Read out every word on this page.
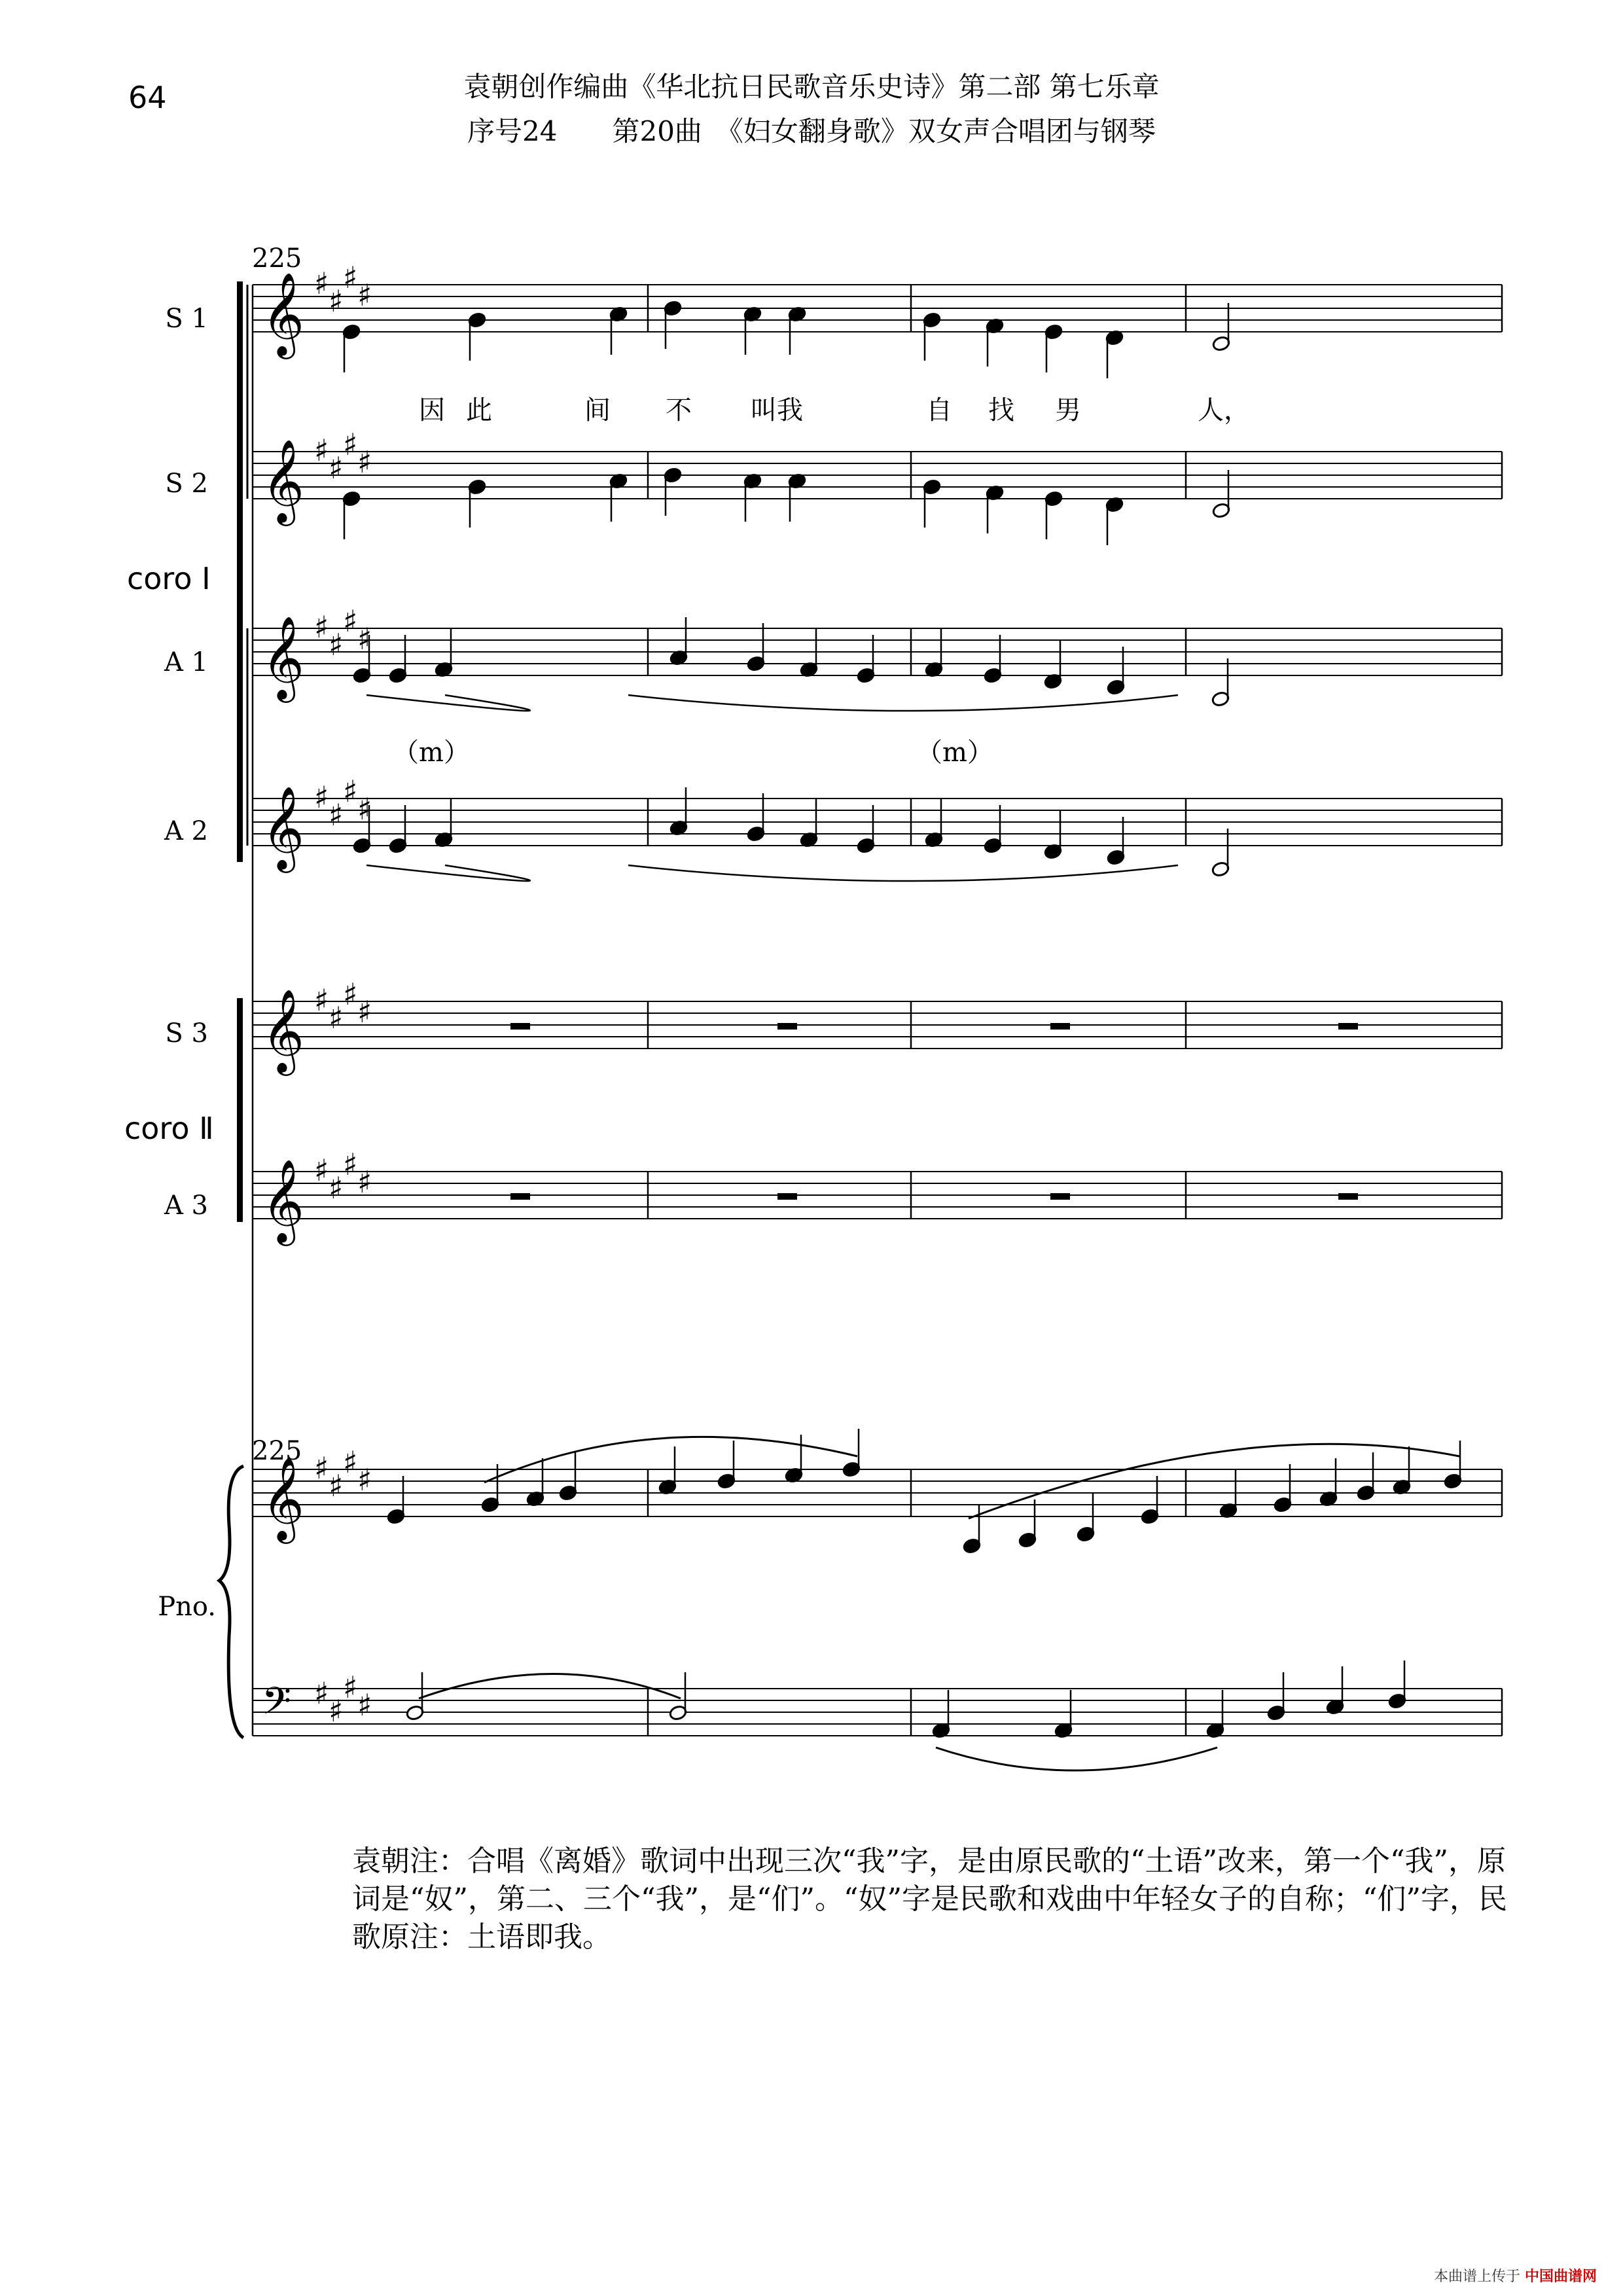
64	袁朝创作编曲《华北抗日民歌音乐史诗》第二部 第七乐章
序号24　　第20曲　《妇女翻身歌》双女声合唱团与钢琴
𝄞 ♯ ♯
♯ ♯
𝄞 ♯ ♯
♯ ♯
𝄞 ♯ ♯
♯ ♯
𝄞 ♯ ♯
♯ ♯
𝄞 ♯ ♯
♯ ♯
𝄞 ♯ ♯
♯ ♯
𝄞 ♯ ♯
♯ ♯
𝄢 ♯ ♯
♯ ♯
225
225
S 1
S 2
A 1
A 2
S 3
A 3
Pno.
coro Ⅰ
coro Ⅱ
因 此	间 不 叫我	自 找 男	人，
（m）	（m）
袁朝注：合唱《离婚》歌词中出现三次“我”字，是由原民歌的“土语”改来，第一个“我”，原词是“奴”，第二、三个“我”，是“们”。“奴”字是民歌和戏曲中年轻女子的自称；“们”字，民歌原注：土语即我。
本曲谱上传于 中国曲谱网
